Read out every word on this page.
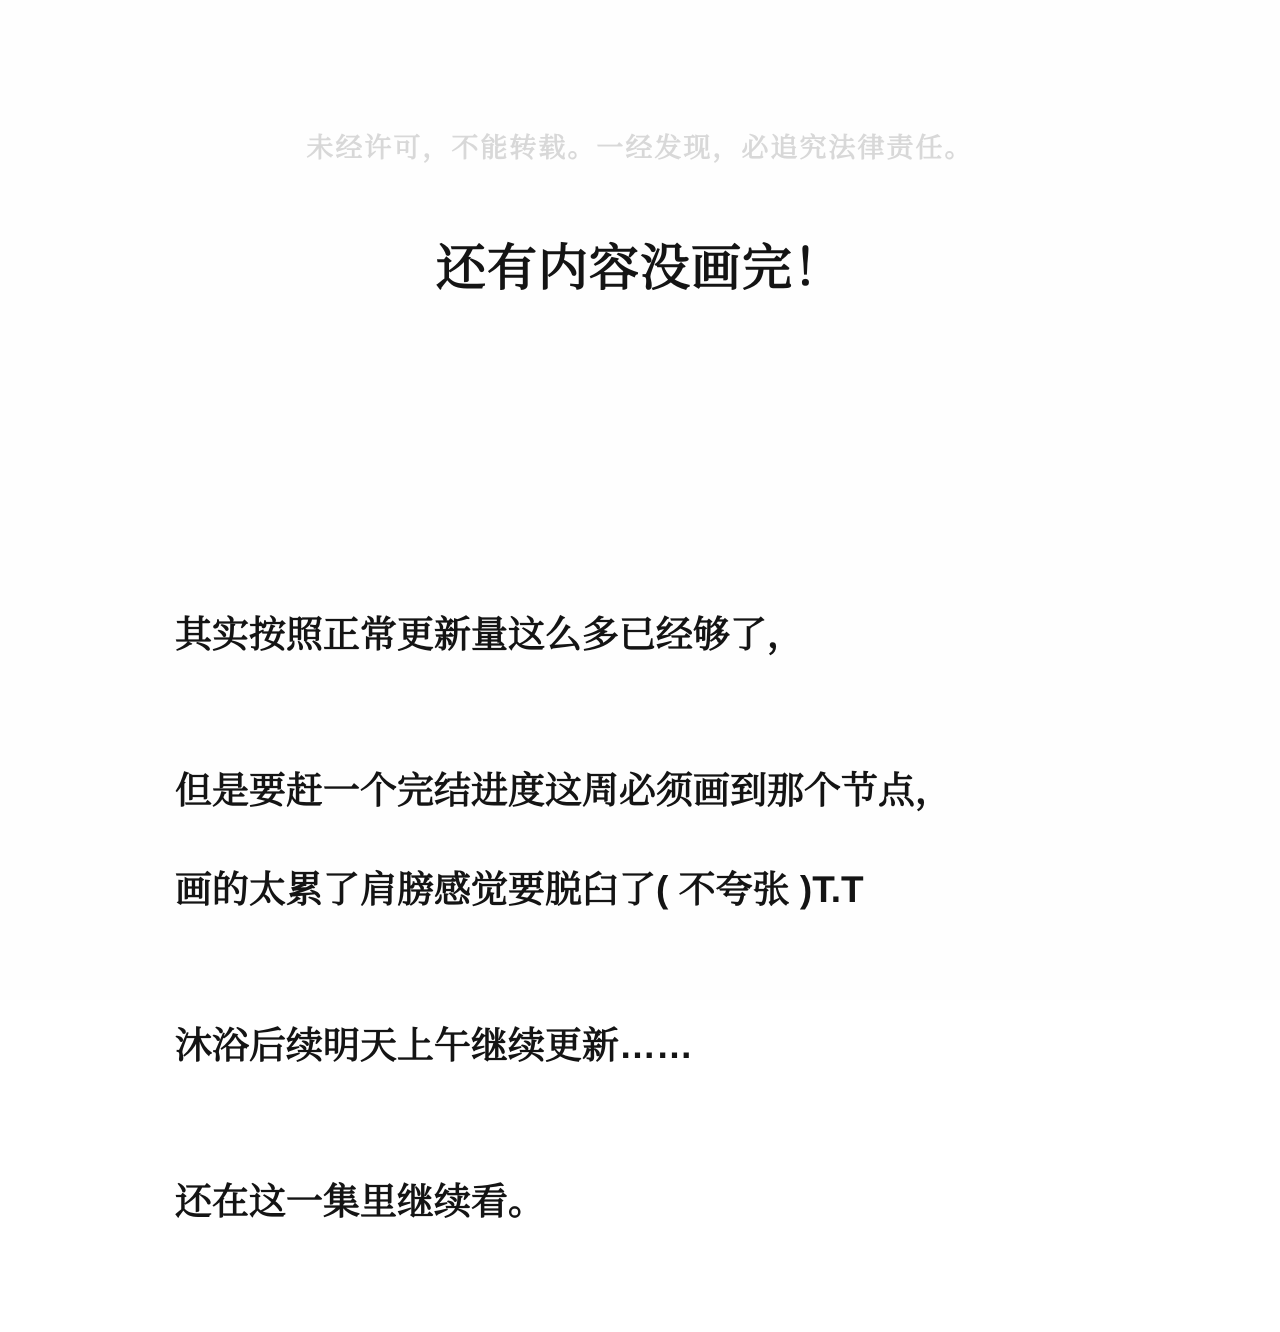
未经许可，不能转载。一经发现，必追究法律责任。
还有内容没画完！

其实按照正常更新量这么多已经够了，

但是要赶一个完结进度这周必须画到那个节点，

画的太累了肩膀感觉要脱臼了( 不夸张 )T.T

沐浴后续明天上午继续更新……

还在这一集里继续看。
